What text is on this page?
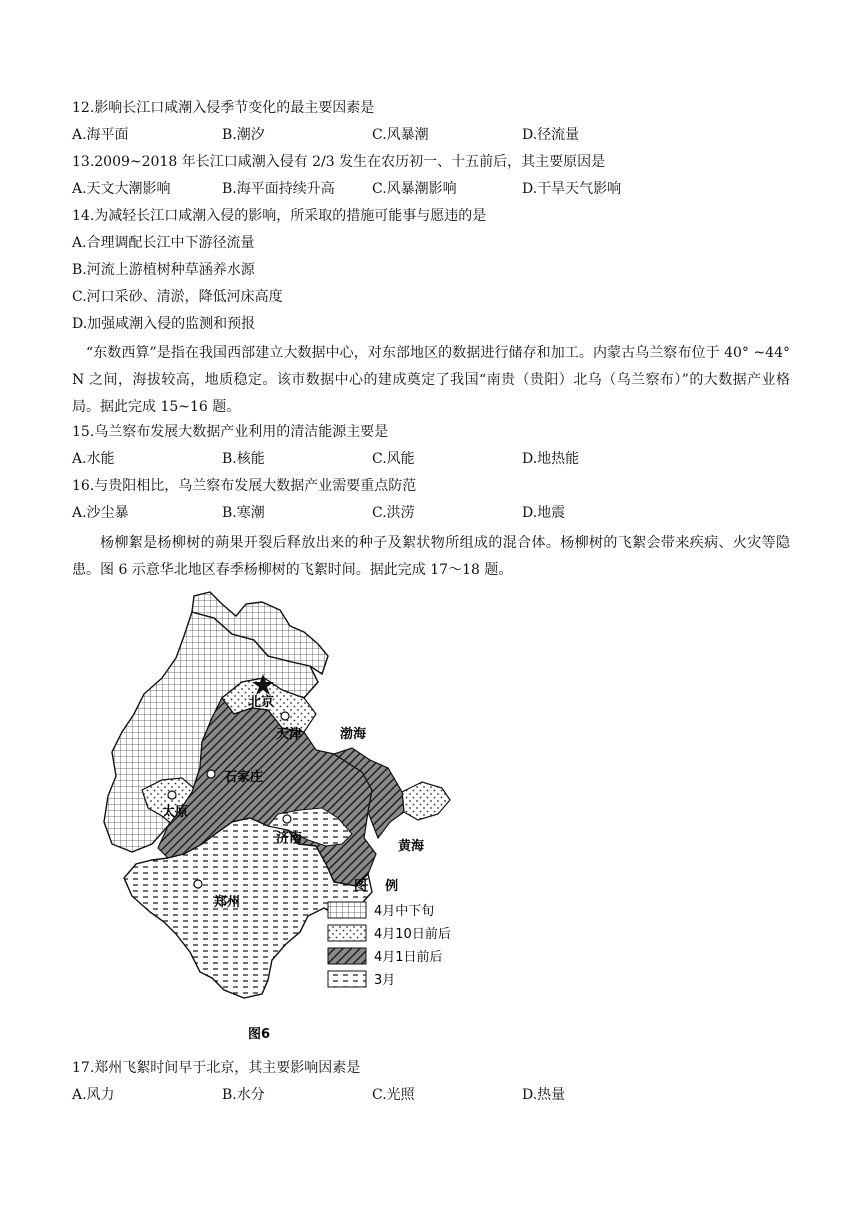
12.影响长江口咸潮入侵季节变化的最主要因素是
A.海平面	B.潮汐	C.风暴潮	D.径流量
13.2009~2018 年长江口咸潮入侵有 2/3 发生在农历初一、十五前后，其主要原因是
A.天文大潮影响	B.海平面持续升高	C.风暴潮影响	D.干旱天气影响
14.为减轻长江口咸潮入侵的影响，所采取的措施可能事与愿违的是
A.合理调配长江中下游径流量
B.河流上游植树种草涵养水源
C.河口采砂、清淤，降低河床高度
D.加强咸潮入侵的监测和预报
“东数西算”是指在我国西部建立大数据中心，对东部地区的数据进行储存和加工。内蒙古乌兰察布位于 40° ~44° N 之间，海拔较高，地质稳定。该市数据中心的建成奠定了我国“南贵（贵阳）北乌（乌兰察布）”的大数据产业格局。据此完成 15~16 题。
15.乌兰察布发展大数据产业利用的清洁能源主要是
A.水能	B.核能	C.风能	D.地热能
16.与贵阳相比，乌兰察布发展大数据产业需要重点防范
A.沙尘暴	B.寒潮	C.洪涝	D.地震
杨柳絮是杨柳树的蒴果开裂后释放出来的种子及絮状物所组成的混合体。杨柳树的飞絮会带来疾病、火灾等隐患。图 6 示意华北地区春季杨柳树的飞絮时间。据此完成 17～18 题。
北京
天津
石家庄
太原
济南
郑州
渤海
黄海
图    例
4月中下旬
4月10日前后
4月1日前后
3月
图6
17.郑州飞絮时间早于北京，其主要影响因素是
A.风力	B.水分	C.光照	D.热量
